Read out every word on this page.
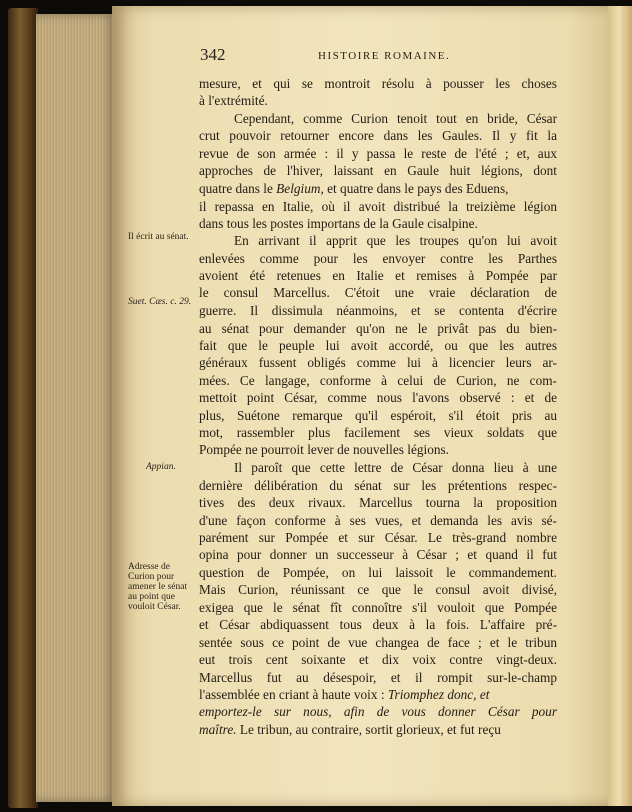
342	HISTOIRE ROMAINE.
Il écrit au sénat.
Suet. Cæs. c. 29.
Appian.
Adresse de Curion pour amener le sénat au point que vouloit César.
mesure, et qui se montroit résolu à pousser les choses
à l'extrémité.
Cependant, comme Curion tenoit tout en bride, César
crut pouvoir retourner encore dans les Gaules. Il y fit la
revue de son armée : il y passa le reste de l'été ; et, aux
approches de l'hiver, laissant en Gaule huit légions, dont
quatre dans le Belgium, et quatre dans le pays des Eduens,
il repassa en Italie, où il avoit distribué la treizième légion
dans tous les postes importans de la Gaule cisalpine.
En arrivant il apprit que les troupes qu'on lui avoit
enlevées comme pour les envoyer contre les Parthes
avoient été retenues en Italie et remises à Pompée par
le consul Marcellus. C'étoit une vraie déclaration de
guerre. Il dissimula néanmoins, et se contenta d'écrire
au sénat pour demander qu'on ne le privât pas du bien-
fait que le peuple lui avoit accordé, ou que les autres
généraux fussent obligés comme lui à licencier leurs ar-
mées. Ce langage, conforme à celui de Curion, ne com-
mettoit point César, comme nous l'avons observé : et de
plus, Suétone remarque qu'il espéroit, s'il étoit pris au
mot, rassembler plus facilement ses vieux soldats que
Pompée ne pourroit lever de nouvelles légions.
Il paroît que cette lettre de César donna lieu à une
dernière délibération du sénat sur les prétentions respec-
tives des deux rivaux. Marcellus tourna la proposition
d'une façon conforme à ses vues, et demanda les avis sé-
parément sur Pompée et sur César. Le très-grand nombre
opina pour donner un successeur à César ; et quand il fut
question de Pompée, on lui laissoit le commandement.
Mais Curion, réunissant ce que le consul avoit divisé,
exigea que le sénat fît connoître s'il vouloit que Pompée
et César abdiquassent tous deux à la fois. L'affaire pré-
sentée sous ce point de vue changea de face ; et le tribun
eut trois cent soixante et dix voix contre vingt-deux.
Marcellus fut au désespoir, et il rompit sur-le-champ
l'assemblée en criant à haute voix : Triomphez donc, et
emportez-le sur nous, afin de vous donner César pour
maître. Le tribun, au contraire, sortit glorieux, et fut reçu
